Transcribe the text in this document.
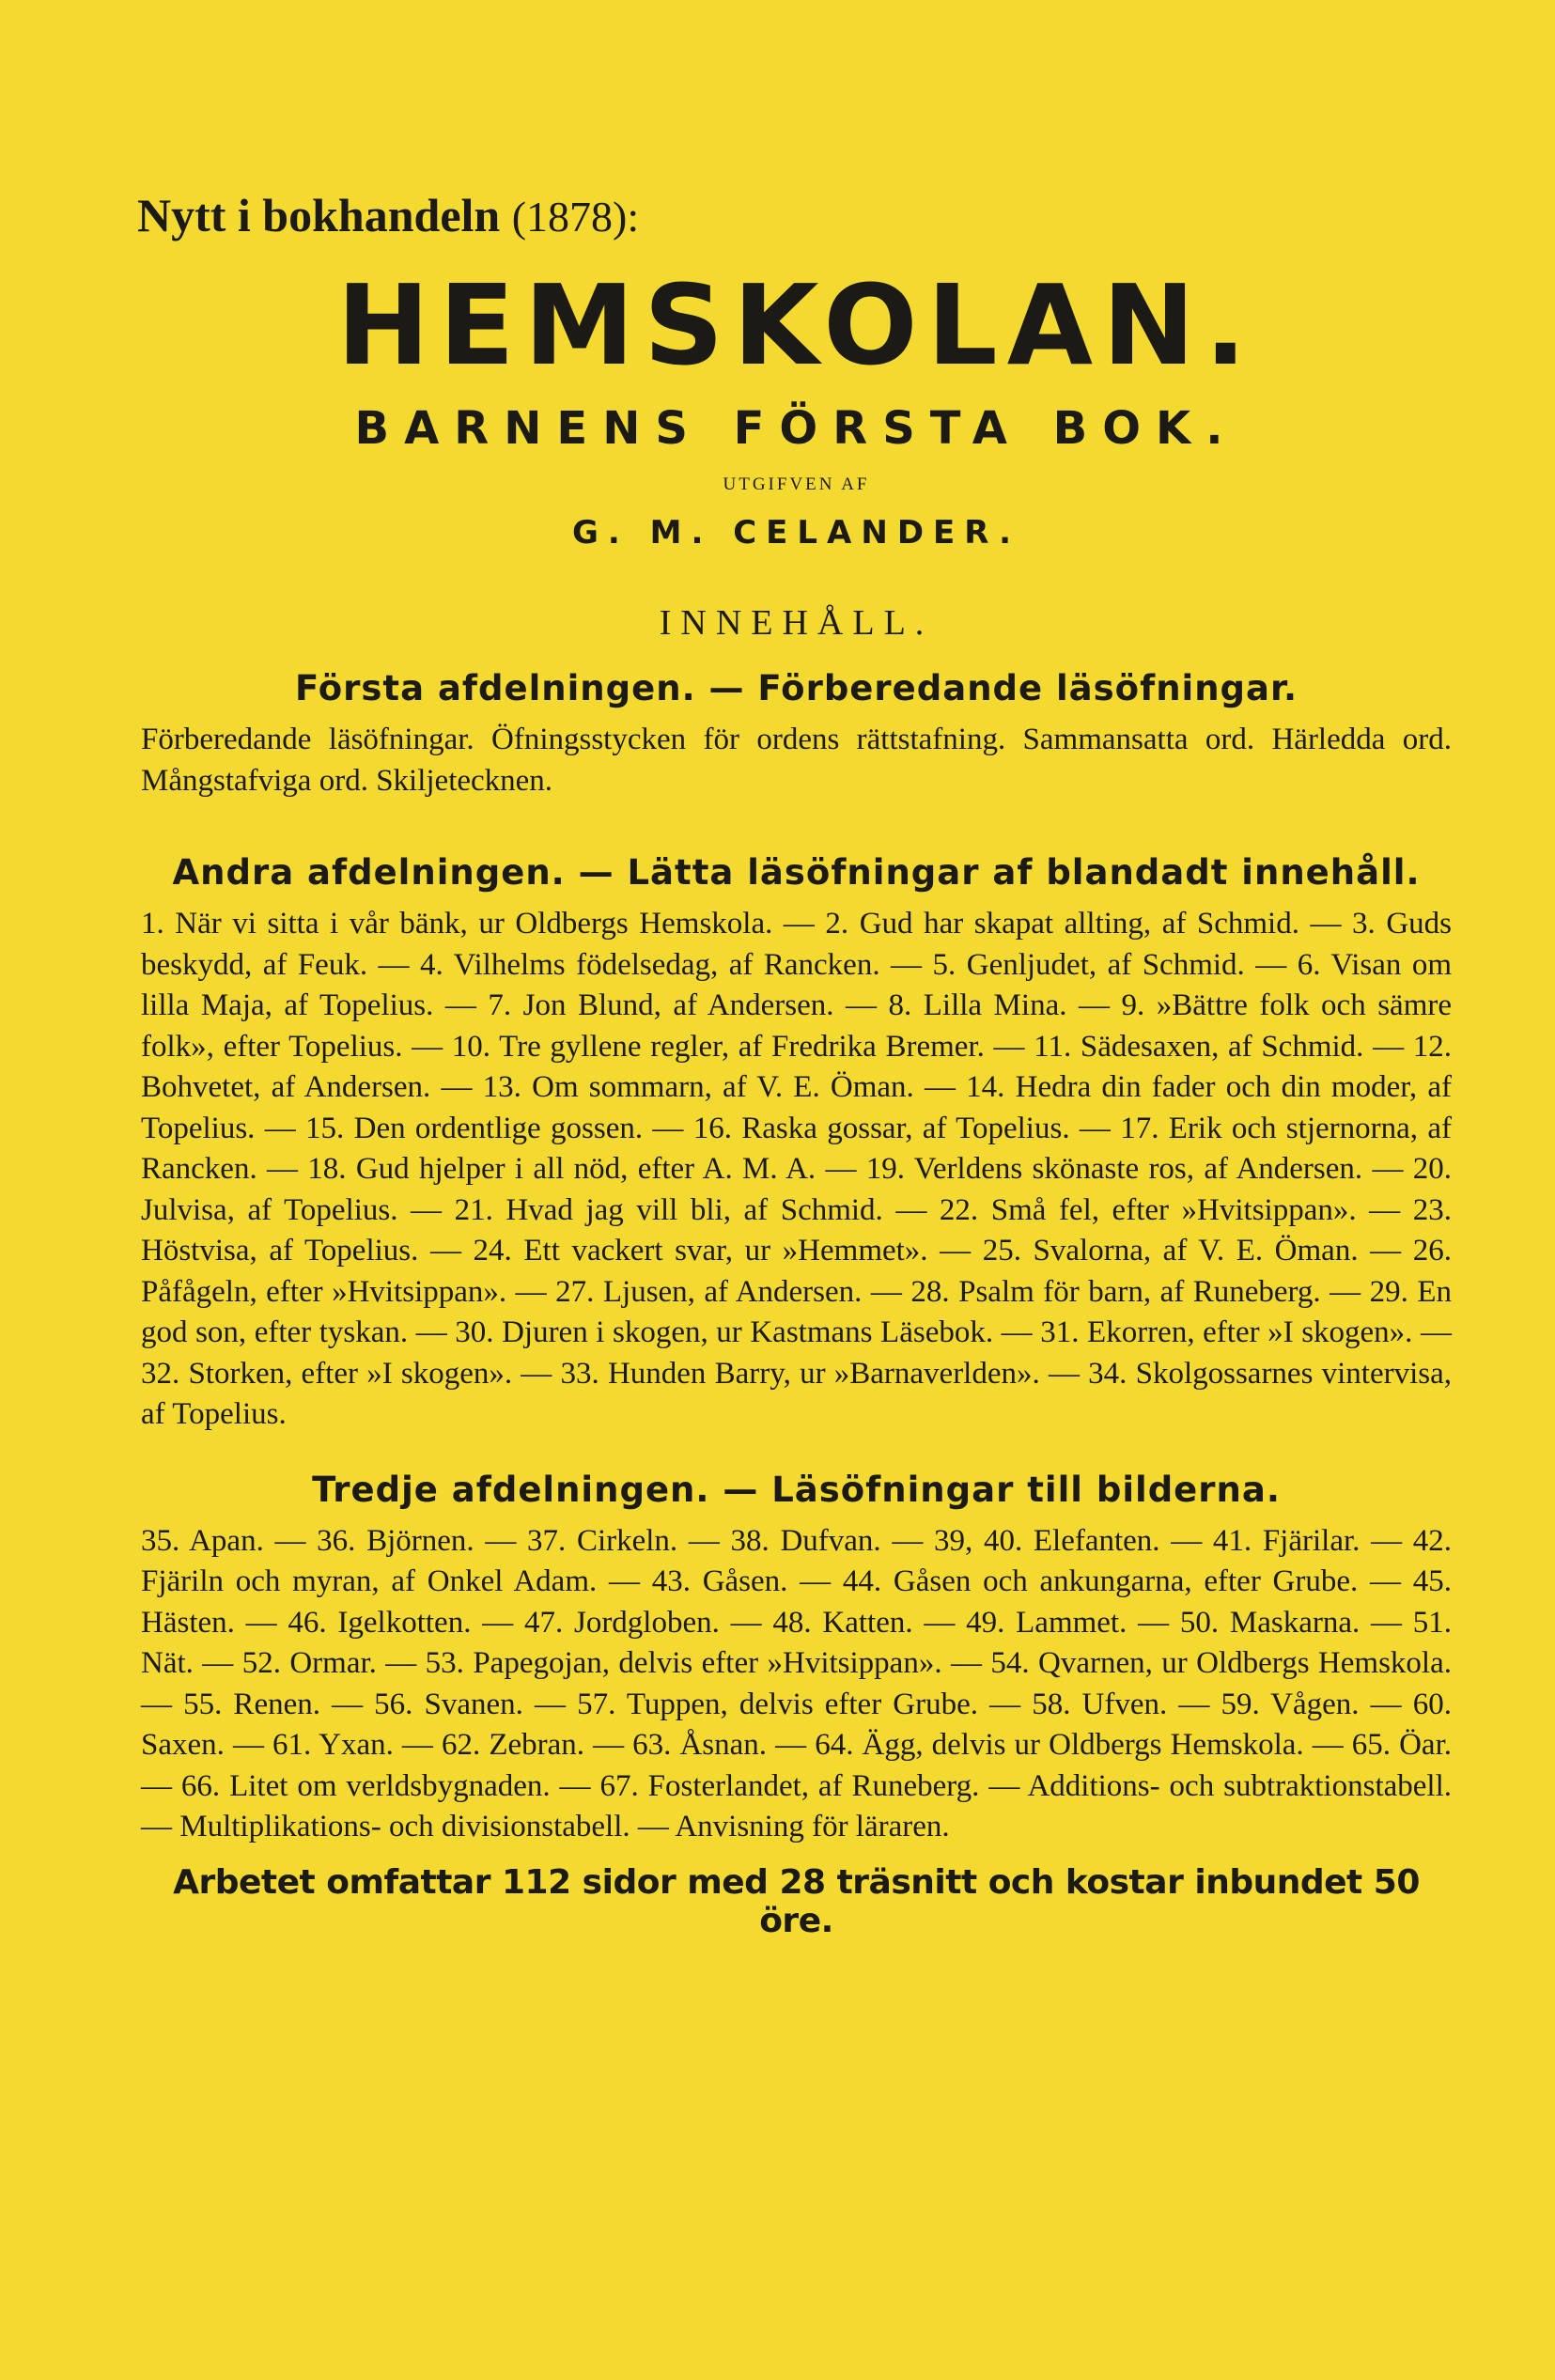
Nytt i bokhandeln (1878):
HEMSKOLAN.
BARNENS FÖRSTA BOK.
UTGIFVEN AF
G. M. CELANDER.
INNEHÅLL.
Första afdelningen. — Förberedande läsöfningar.
Förberedande läsöfningar. Öfningsstycken för ordens rättstafning. Sammansatta ord. Härledda ord. Mångstafviga ord. Skiljetecknen.
Andra afdelningen. — Lätta läsöfningar af blandadt innehåll.
1. När vi sitta i vår bänk, ur Oldbergs Hemskola. — 2. Gud har skapat allting, af Schmid. — 3. Guds beskydd, af Feuk. — 4. Vilhelms födelsedag, af Rancken. — 5. Genljudet, af Schmid. — 6. Visan om lilla Maja, af Topelius. — 7. Jon Blund, af Andersen. — 8. Lilla Mina. — 9. »Bättre folk och sämre folk», efter Topelius. — 10. Tre gyllene regler, af Fredrika Bremer. — 11. Sädesaxen, af Schmid. — 12. Bohvetet, af Andersen. — 13. Om sommarn, af V. E. Öman. — 14. Hedra din fader och din moder, af Topelius. — 15. Den ordentlige gossen. — 16. Raska gossar, af Topelius. — 17. Erik och stjernorna, af Rancken. — 18. Gud hjelper i all nöd, efter A. M. A. — 19. Verldens skönaste ros, af Andersen. — 20. Julvisa, af Topelius. — 21. Hvad jag vill bli, af Schmid. — 22. Små fel, efter »Hvitsippan». — 23. Höstvisa, af Topelius. — 24. Ett vackert svar, ur »Hemmet». — 25. Svalorna, af V. E. Öman. — 26. Påfågeln, efter »Hvitsippan». — 27. Ljusen, af Andersen. — 28. Psalm för barn, af Runeberg. — 29. En god son, efter tyskan. — 30. Djuren i skogen, ur Kastmans Läsebok. — 31. Ekorren, efter »I skogen». — 32. Storken, efter »I skogen». — 33. Hunden Barry, ur »Barnaverlden». — 34. Skolgossarnes vintervisa, af Topelius.
Tredje afdelningen. — Läsöfningar till bilderna.
35. Apan. — 36. Björnen. — 37. Cirkeln. — 38. Dufvan. — 39, 40. Elefanten. — 41. Fjärilar. — 42. Fjäriln och myran, af Onkel Adam. — 43. Gåsen. — 44. Gåsen och ankungarna, efter Grube. — 45. Hästen. — 46. Igelkotten. — 47. Jordgloben. — 48. Katten. — 49. Lammet. — 50. Maskarna. — 51. Nät. — 52. Ormar. — 53. Papegojan, delvis efter »Hvitsippan». — 54. Qvarnen, ur Oldbergs Hemskola. — 55. Renen. — 56. Svanen. — 57. Tuppen, delvis efter Grube. — 58. Ufven. — 59. Vågen. — 60. Saxen. — 61. Yxan. — 62. Zebran. — 63. Åsnan. — 64. Ägg, delvis ur Oldbergs Hemskola. — 65. Öar. — 66. Litet om verldsbygnaden. — 67. Fosterlandet, af Runeberg. — Additions- och subtraktionstabell. — Multiplikations- och divisionstabell. — Anvisning för läraren.
Arbetet omfattar 112 sidor med 28 träsnitt och kostar inbundet 50 öre.
